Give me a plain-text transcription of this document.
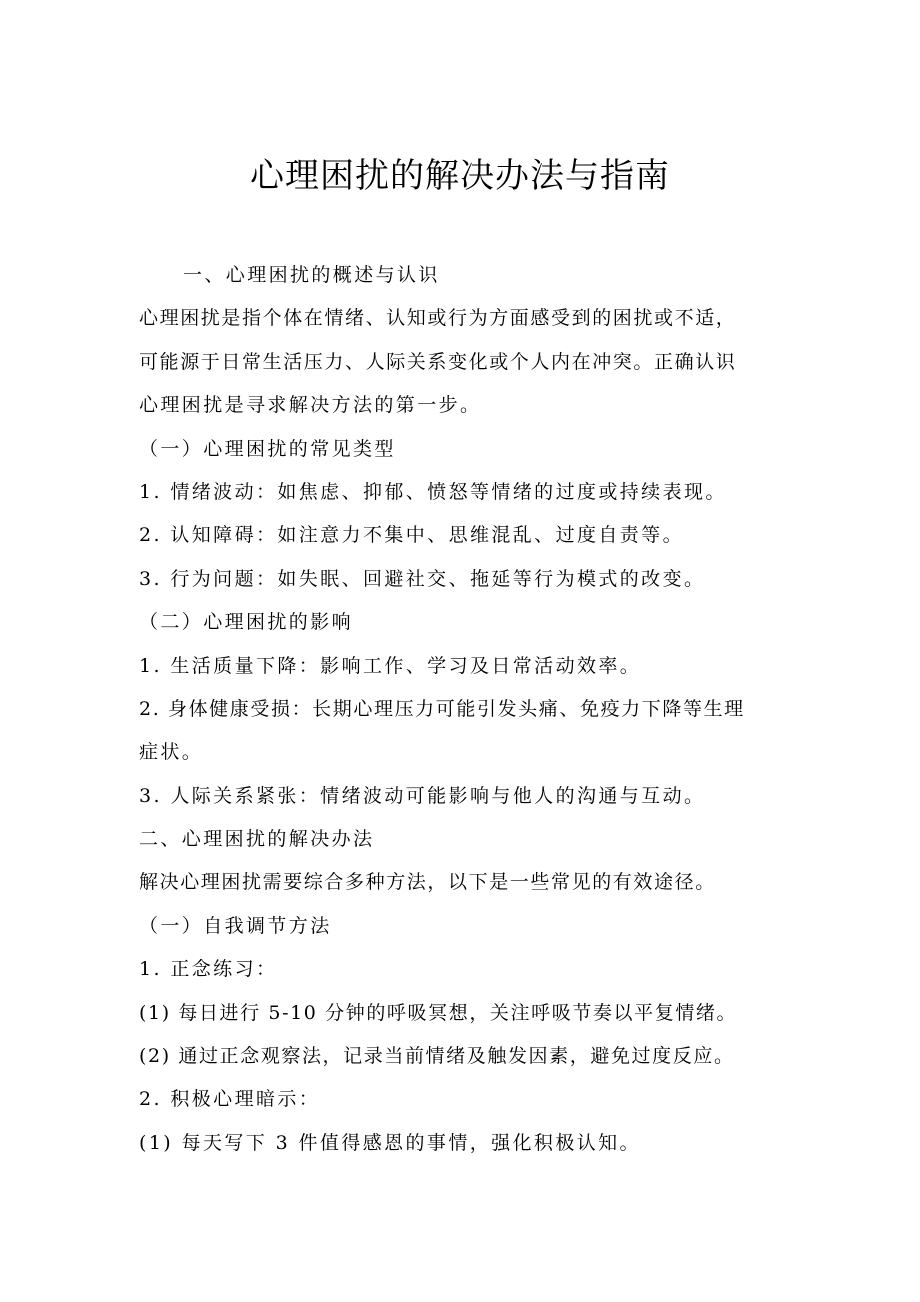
心理困扰的解决办法与指南
一、心理困扰的概述与认识
心理困扰是指个体在情绪、认知或行为方面感受到的困扰或不适，
可能源于日常生活压力、人际关系变化或个人内在冲突。正确认识
心理困扰是寻求解决方法的第一步。
（一）心理困扰的常见类型
1. 情绪波动：如焦虑、抑郁、愤怒等情绪的过度或持续表现。
2. 认知障碍：如注意力不集中、思维混乱、过度自责等。
3. 行为问题：如失眠、回避社交、拖延等行为模式的改变。
（二）心理困扰的影响
1. 生活质量下降：影响工作、学习及日常活动效率。
2. 身体健康受损：长期心理压力可能引发头痛、免疫力下降等生理
症状。
3. 人际关系紧张：情绪波动可能影响与他人的沟通与互动。
二、心理困扰的解决办法
解决心理困扰需要综合多种方法，以下是一些常见的有效途径。
（一）自我调节方法
1. 正念练习：
(1) 每日进行 5-10 分钟的呼吸冥想，关注呼吸节奏以平复情绪。
(2) 通过正念观察法，记录当前情绪及触发因素，避免过度反应。
2. 积极心理暗示：
(1) 每天写下 3 件值得感恩的事情，强化积极认知。
